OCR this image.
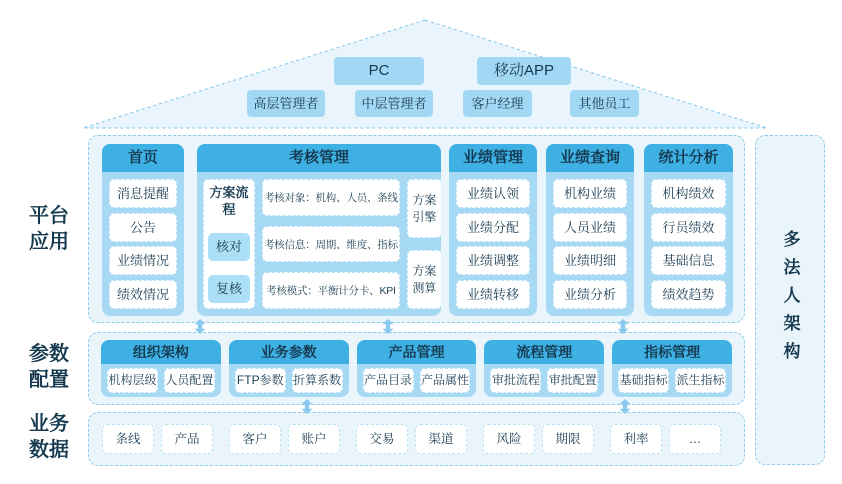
PC	移动APP
高层管理者	中层管理者	客户经理	其他员工
平台应用
参数配置
业务数据
首页
消息提醒
公告
业绩情况
绩效情况
考核管理
方案流程
核对
复核
考核对象：机构、人员、条线
考核信息：周期、维度、指标
考核模式：平衡计分卡、KPI
方案引擎
方案测算
业绩管理
业绩认领
业绩分配
业绩调整
业绩转移
业绩查询
机构业绩
人员业绩
业绩明细
业绩分析
统计分析
机构绩效
行员绩效
基础信息
绩效趋势
组织架构
机构层级 人员配置
业务参数
FTP参数 折算系数
产品管理
产品目录 产品属性
流程管理
审批流程 审批配置
指标管理
基础指标 派生指标
条线	产品	客户	账户	交易	渠道	风险	期限	利率	…
多法人架构
